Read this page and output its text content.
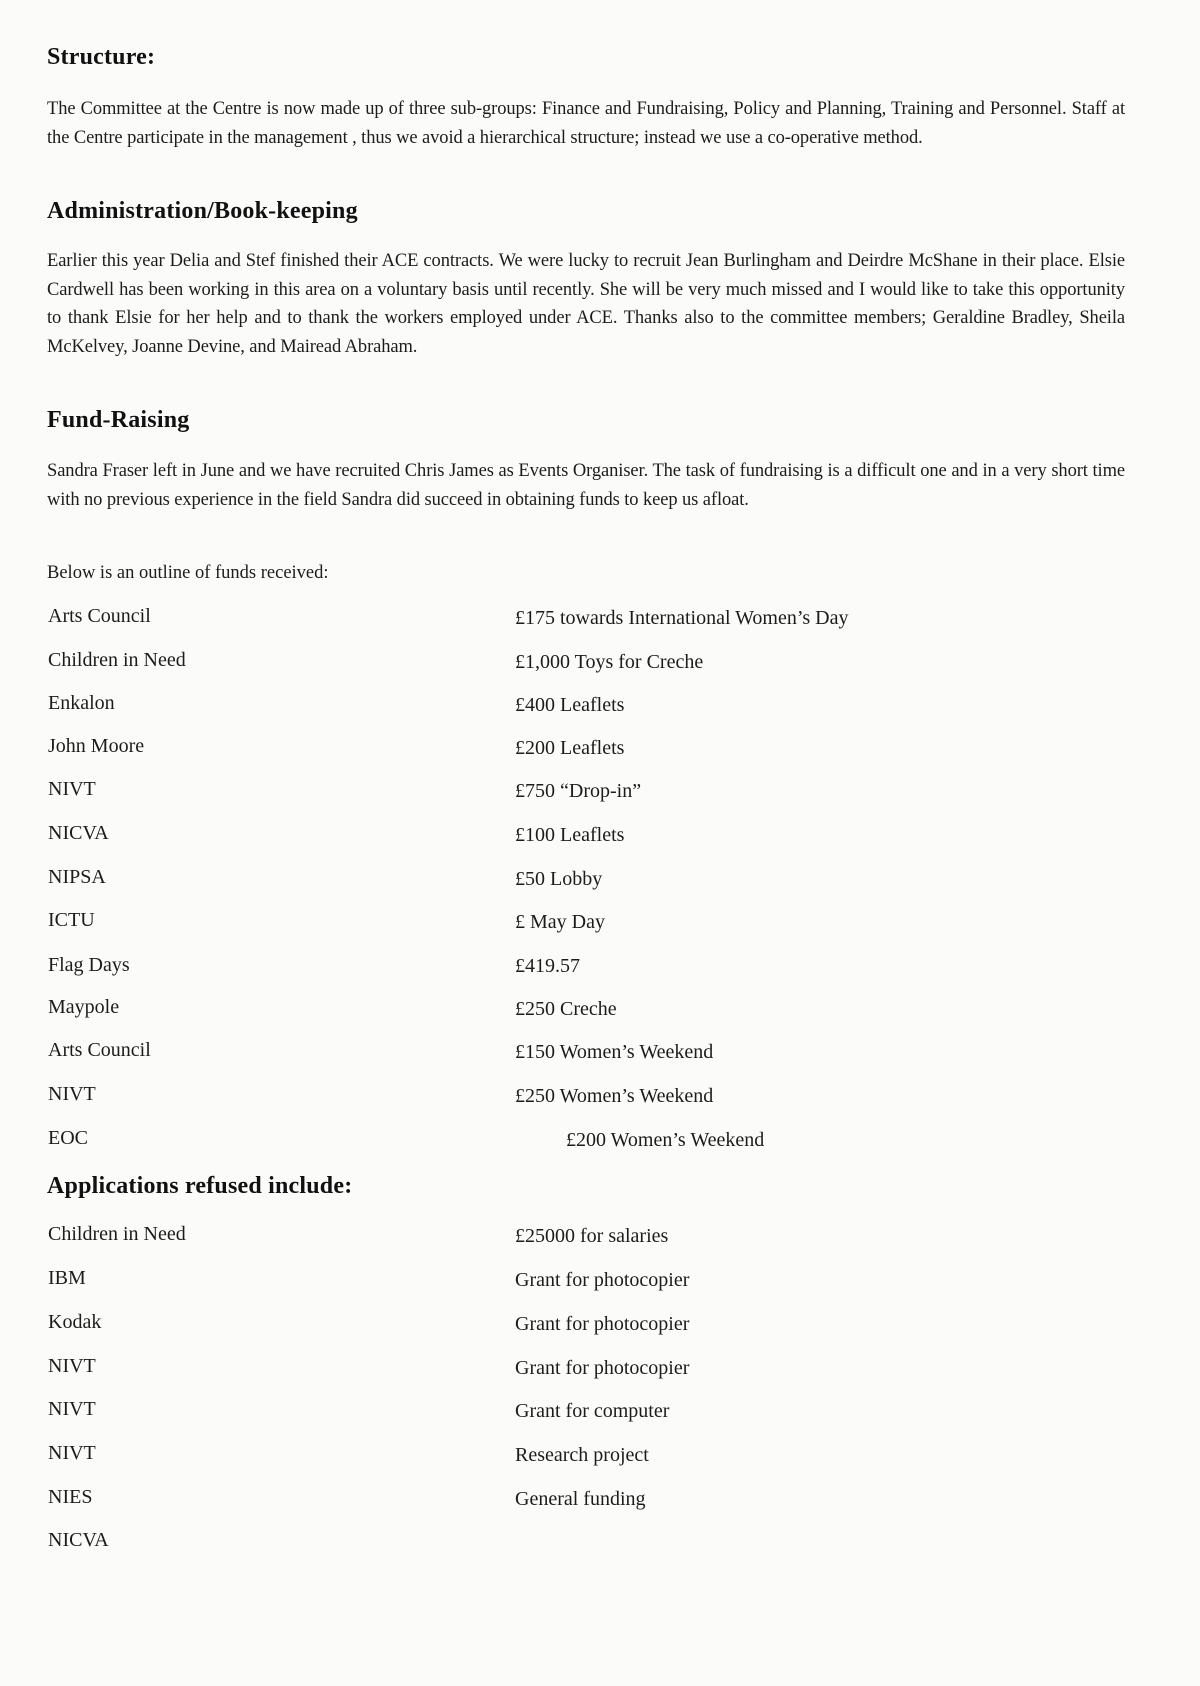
Structure:

The Committee at the Centre is now made up of three sub-groups: Finance and Fundraising, Policy and Planning, Training and Personnel. Staff at the Centre participate in the management , thus we avoid a hierarchical structure; instead we use a co-operative method.

Administration/Book-keeping

Earlier this year Delia and Stef finished their ACE contracts. We were lucky to recruit Jean Burlingham and Deirdre McShane in their place. Elsie Cardwell has been working in this area on a voluntary basis until recently. She will be very much missed and I would like to take this opportunity to thank Elsie for her help and to thank the workers employed under ACE. Thanks also to the committee members; Geraldine Bradley, Sheila McKelvey, Joanne Devine, and Mairead Abraham.

Fund-Raising

Sandra Fraser left in June and we have recruited Chris James as Events Organiser. The task of fundraising is a difficult one and in a very short time with no previous experience in the field Sandra did succeed in obtaining funds to keep us afloat.

Below is an outline of funds received:

Arts Council	£175 towards International Women’s Day
Children in Need	£1,000 Toys for Creche
Enkalon	£400 Leaflets
John Moore	£200 Leaflets
NIVT	£750 “Drop-in”
NICVA	£100 Leaflets
NIPSA	£50 Lobby
ICTU	£ May Day
Flag Days	£419.57
Maypole	£250 Creche
Arts Council	£150 Women’s Weekend
NIVT	£250 Women’s Weekend
EOC	£200 Women’s Weekend
Applications refused include:
Children in Need	£25000 for salaries
IBM	Grant for photocopier
Kodak	Grant for photocopier
NIVT	Grant for photocopier
NIVT	Grant for computer
NIVT	Research project
NIES	General funding
NICVA
